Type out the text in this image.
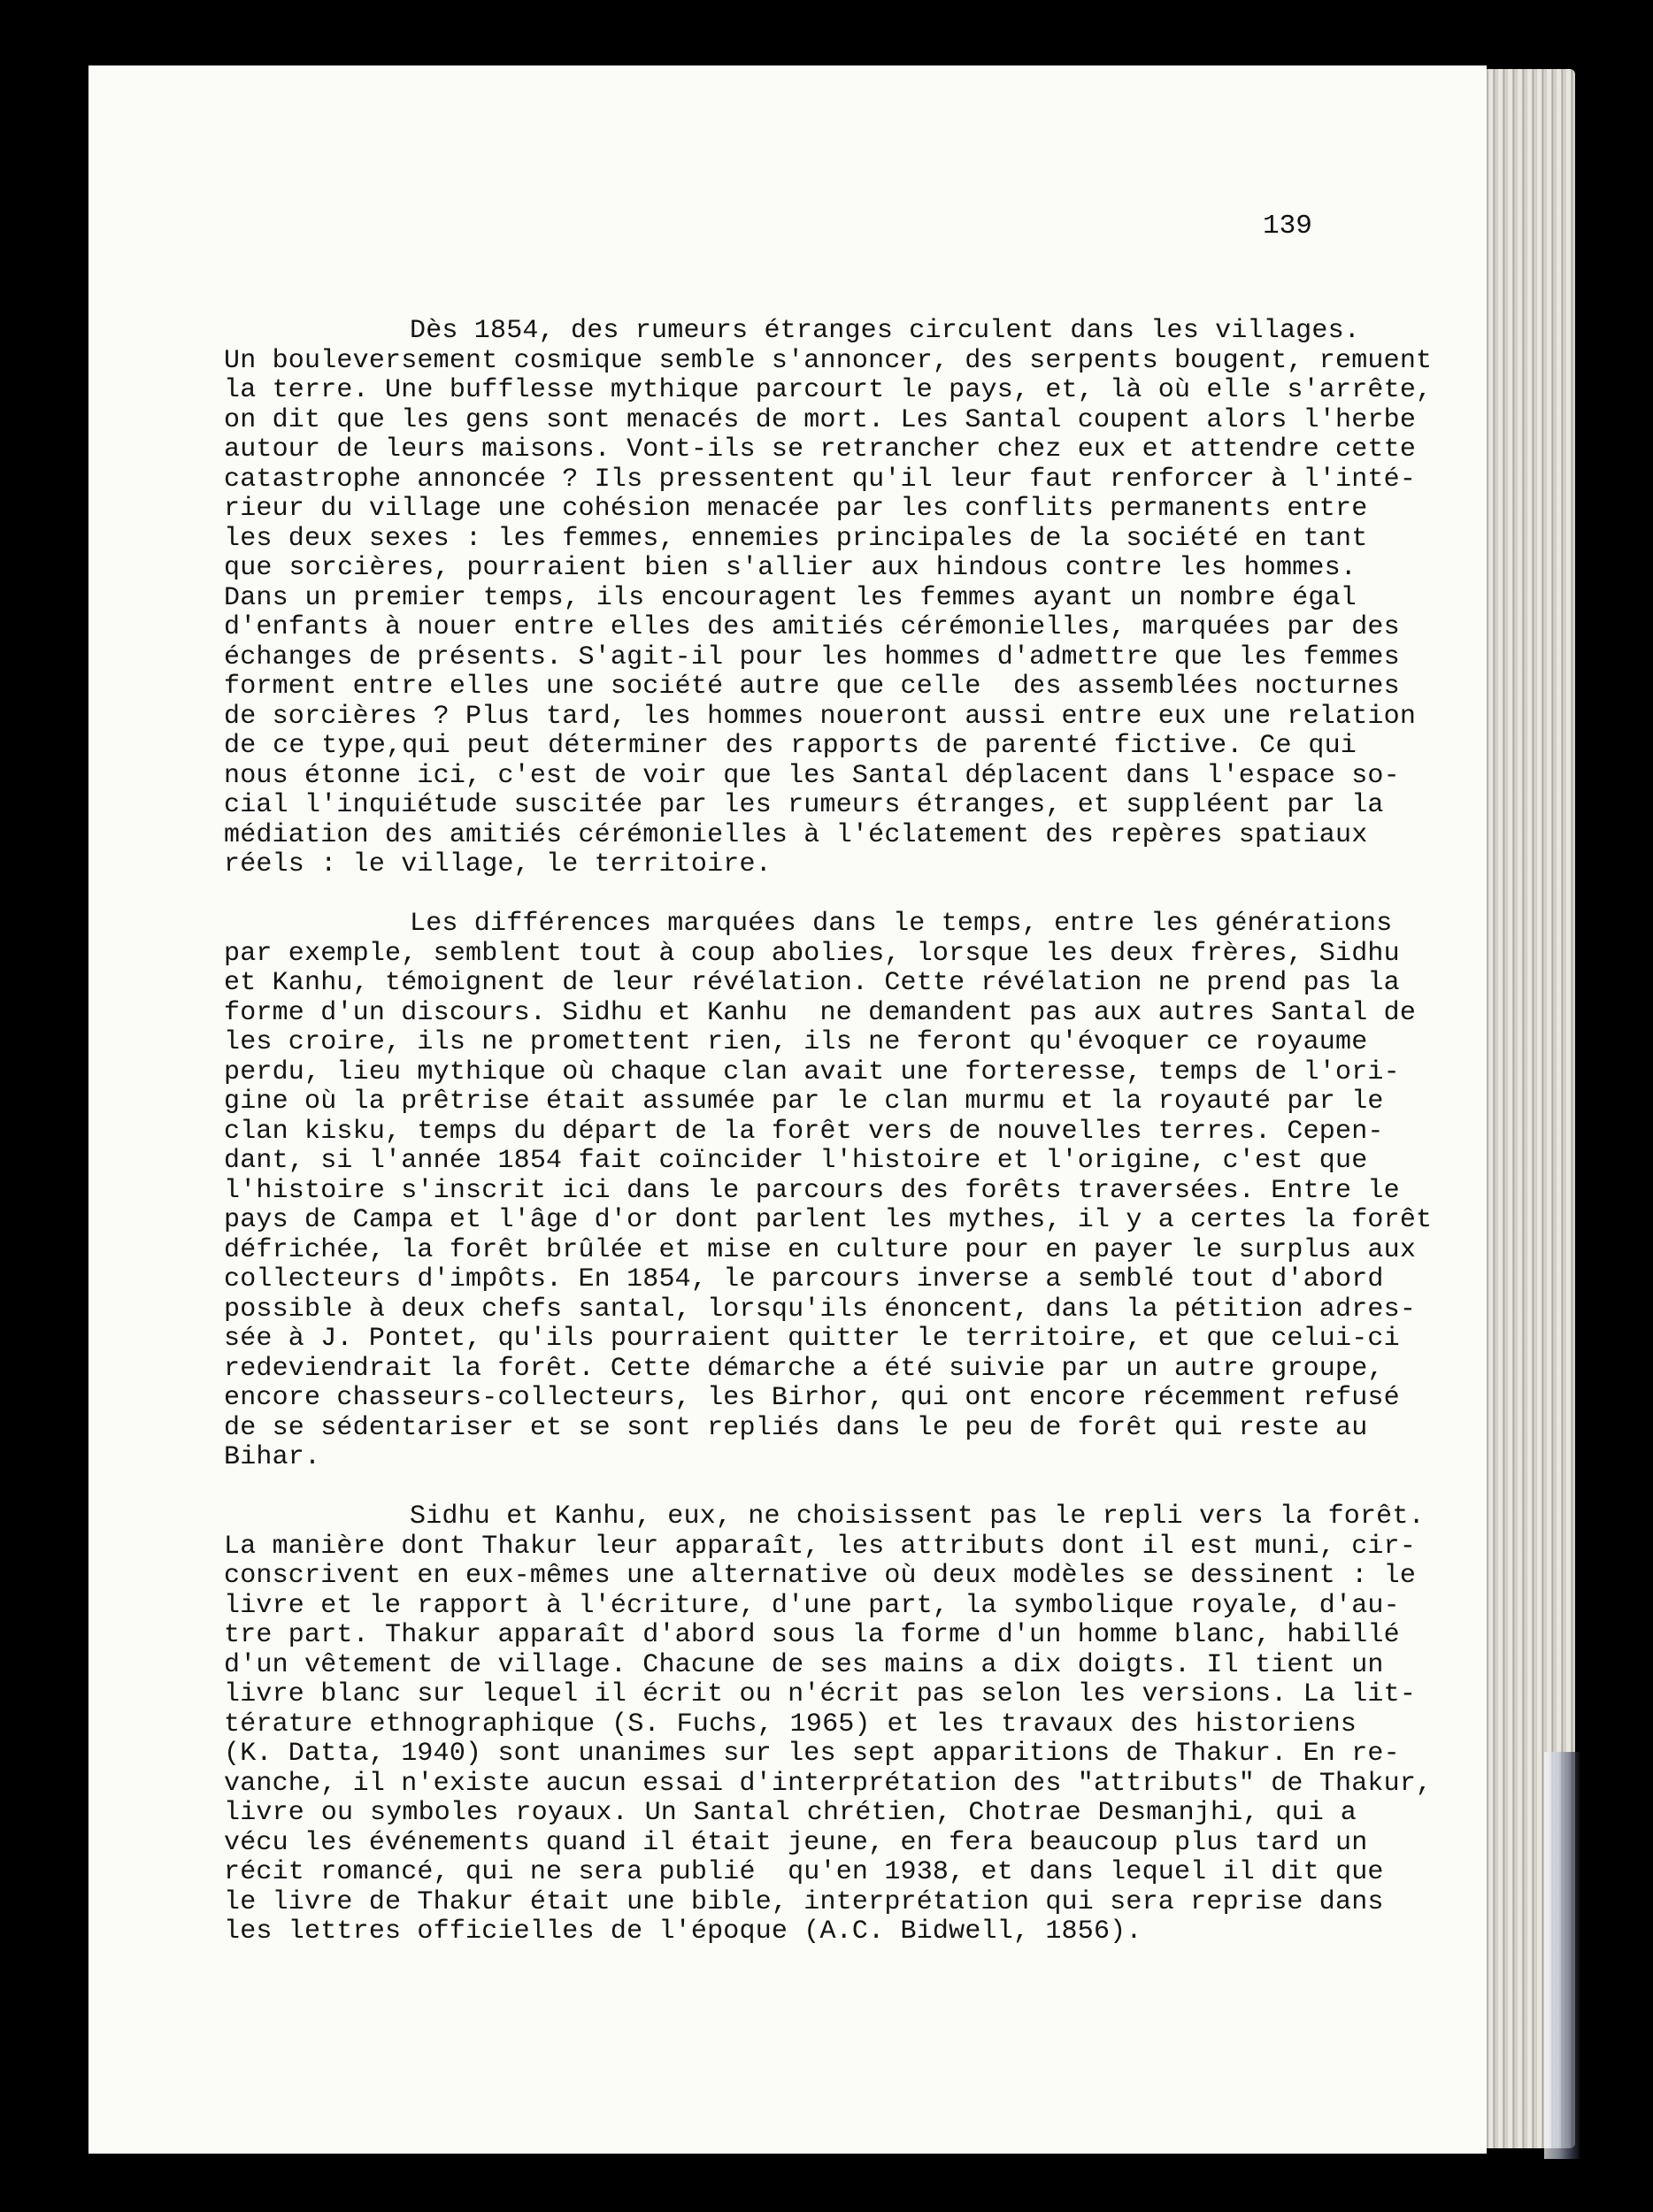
139
Dès 1854, des rumeurs étranges circulent dans les villages.
Un bouleversement cosmique semble s'annoncer, des serpents bougent, remuent
la terre. Une bufflesse mythique parcourt le pays, et, là où elle s'arrête,
on dit que les gens sont menacés de mort. Les Santal coupent alors l'herbe
autour de leurs maisons. Vont-ils se retrancher chez eux et attendre cette
catastrophe annoncée ? Ils pressentent qu'il leur faut renforcer à l'inté-
rieur du village une cohésion menacée par les conflits permanents entre
les deux sexes : les femmes, ennemies principales de la société en tant
que sorcières, pourraient bien s'allier aux hindous contre les hommes.
Dans un premier temps, ils encouragent les femmes ayant un nombre égal
d'enfants à nouer entre elles des amitiés cérémonielles, marquées par des
échanges de présents. S'agit-il pour les hommes d'admettre que les femmes
forment entre elles une société autre que celle  des assemblées nocturnes
de sorcières ? Plus tard, les hommes noueront aussi entre eux une relation
de ce type,qui peut déterminer des rapports de parenté fictive. Ce qui
nous étonne ici, c'est de voir que les Santal déplacent dans l'espace so-
cial l'inquiétude suscitée par les rumeurs étranges, et suppléent par la
médiation des amitiés cérémonielles à l'éclatement des repères spatiaux
réels : le village, le territoire.
Les différences marquées dans le temps, entre les générations
par exemple, semblent tout à coup abolies, lorsque les deux frères, Sidhu
et Kanhu, témoignent de leur révélation. Cette révélation ne prend pas la
forme d'un discours. Sidhu et Kanhu  ne demandent pas aux autres Santal de
les croire, ils ne promettent rien, ils ne feront qu'évoquer ce royaume
perdu, lieu mythique où chaque clan avait une forteresse, temps de l'ori-
gine où la prêtrise était assumée par le clan murmu et la royauté par le
clan kisku, temps du départ de la forêt vers de nouvelles terres. Cepen-
dant, si l'année 1854 fait coïncider l'histoire et l'origine, c'est que
l'histoire s'inscrit ici dans le parcours des forêts traversées. Entre le
pays de Campa et l'âge d'or dont parlent les mythes, il y a certes la forêt
défrichée, la forêt brûlée et mise en culture pour en payer le surplus aux
collecteurs d'impôts. En 1854, le parcours inverse a semblé tout d'abord
possible à deux chefs santal, lorsqu'ils énoncent, dans la pétition adres-
sée à J. Pontet, qu'ils pourraient quitter le territoire, et que celui-ci
redeviendrait la forêt. Cette démarche a été suivie par un autre groupe,
encore chasseurs-collecteurs, les Birhor, qui ont encore récemment refusé
de se sédentariser et se sont repliés dans le peu de forêt qui reste au
Bihar.
Sidhu et Kanhu, eux, ne choisissent pas le repli vers la forêt.
La manière dont Thakur leur apparaît, les attributs dont il est muni, cir-
conscrivent en eux-mêmes une alternative où deux modèles se dessinent : le
livre et le rapport à l'écriture, d'une part, la symbolique royale, d'au-
tre part. Thakur apparaît d'abord sous la forme d'un homme blanc, habillé
d'un vêtement de village. Chacune de ses mains a dix doigts. Il tient un
livre blanc sur lequel il écrit ou n'écrit pas selon les versions. La lit-
térature ethnographique (S. Fuchs, 1965) et les travaux des historiens
(K. Datta, 1940) sont unanimes sur les sept apparitions de Thakur. En re-
vanche, il n'existe aucun essai d'interprétation des "attributs" de Thakur,
livre ou symboles royaux. Un Santal chrétien, Chotrae Desmanjhi, qui a
vécu les événements quand il était jeune, en fera beaucoup plus tard un
récit romancé, qui ne sera publié  qu'en 1938, et dans lequel il dit que
le livre de Thakur était une bible, interprétation qui sera reprise dans
les lettres officielles de l'époque (A.C. Bidwell, 1856).
